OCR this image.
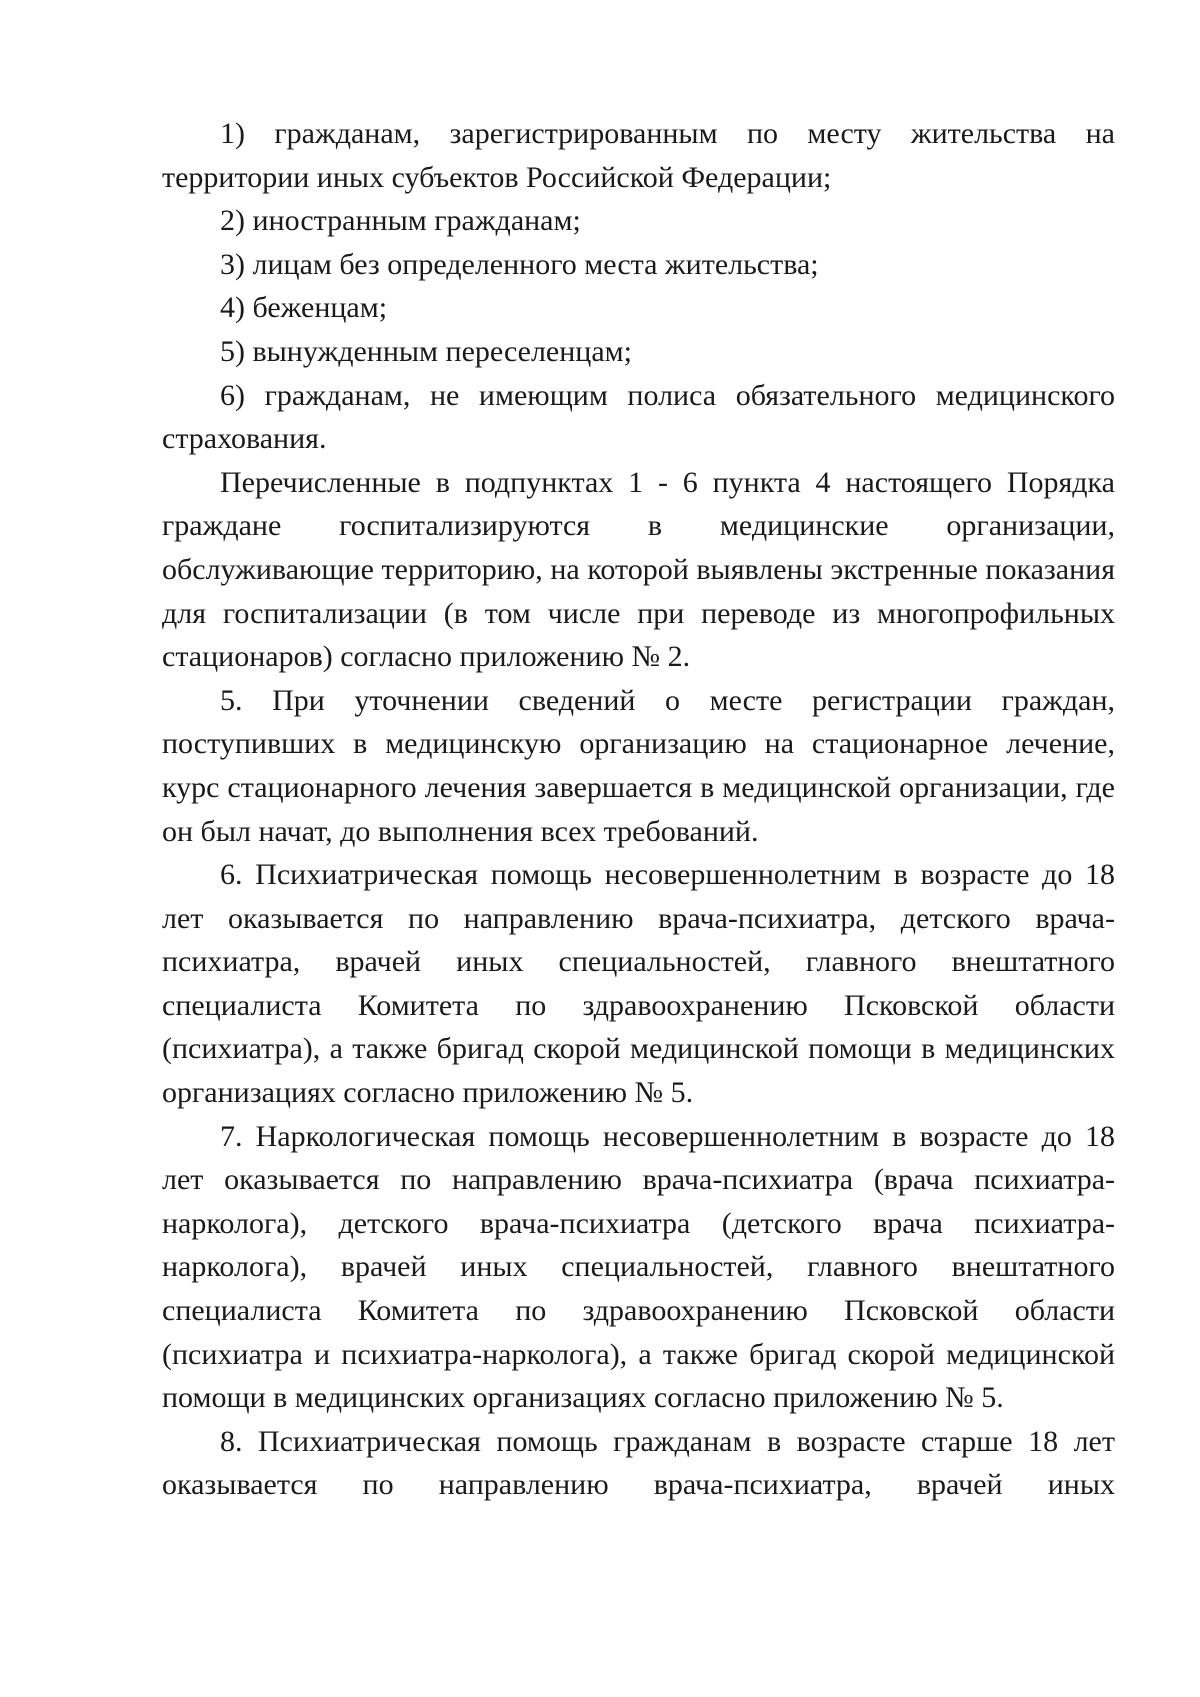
1) гражданам, зарегистрированным по месту жительства на территории иных субъектов Российской Федерации;

2) иностранным гражданам;

3) лицам без определенного места жительства;

4) беженцам;

5) вынужденным переселенцам;

6) гражданам, не имеющим полиса обязательного медицинского страхования.

Перечисленные в подпунктах 1 - 6 пункта 4 настоящего Порядка граждане госпитализируются в медицинские организации, обслуживающие территорию, на которой выявлены экстренные показания для госпитализации (в том числе при переводе из многопрофильных стационаров) согласно приложению № 2.

5. При уточнении сведений о месте регистрации граждан, поступивших в медицинскую организацию на стационарное лечение, курс стационарного лечения завершается в медицинской организации, где он был начат, до выполнения всех требований.

6. Психиатрическая помощь несовершеннолетним в возрасте до 18 лет оказывается по направлению врача-психиатра, детского врача-психиатра, врачей иных специальностей, главного внештатного специалиста Комитета по здравоохранению Псковской области (психиатра), а также бригад скорой медицинской помощи в медицинских организациях согласно приложению № 5.

7. Наркологическая помощь несовершеннолетним в возрасте до 18 лет оказывается по направлению врача-психиатра (врача психиатра-нарколога), детского врача-психиатра (детского врача психиатра-нарколога), врачей иных специальностей, главного внештатного специалиста Комитета по здравоохранению Псковской области (психиатра и психиатра-нарколога), а также бригад скорой медицинской помощи в медицинских организациях согласно приложению № 5.

8. Психиатрическая помощь гражданам в возрасте старше 18 лет оказывается по направлению врача-психиатра, врачей иных
